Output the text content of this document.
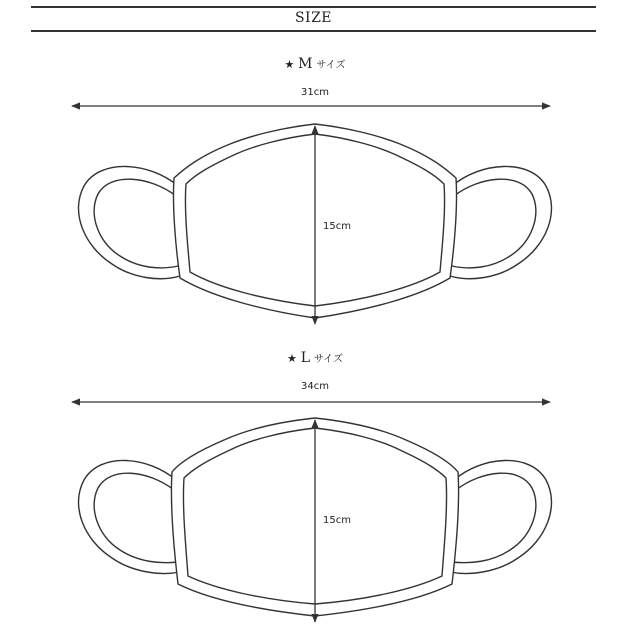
SIZE
★ M サイズ
31cm
15cm
★ L サイズ
34cm
15cm
